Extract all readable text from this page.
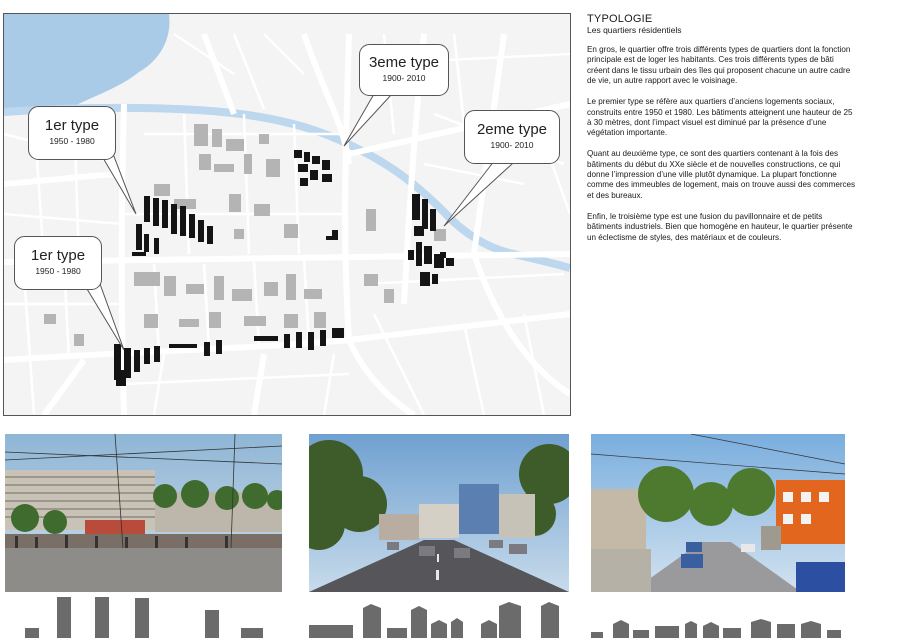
1er type
1950 - 1980
1er type
1950 - 1980
2eme type
1900- 2010
3eme type
1900- 2010
TYPOLOGIE
Les quartiers résidentiels

En gros, le quartier offre trois différents types de quartiers dont la fonction principale est de loger les habitants. Ces trois différents types de bâti créent dans le tissu urbain des îles qui proposent chacune un autre cadre de vie, un autre rapport avec le voisinage.

Le premier type se réfère aux quartiers d’anciens logements sociaux, construits entre 1950 et 1980. Les bâtiments atteignent une hauteur de 25 à 30 mètres, dont l’impact visuel est diminué par la présence d’une végétation importante.

Quant au deuxième type, ce sont des quartiers contenant à la fois des bâtiments du début du XXe siècle et de nouvelles constructions, ce qui donne l’impression d’une ville plutôt dynamique. La plupart fonctionne comme des immeubles de logement, mais on trouve aussi des commerces et des bureaux.

Enfin, le troisième type est une fusion du pavillonnaire et de petits bâtiments industriels. Bien que homogène en hauteur, le quartier présente un éclectisme de styles, des matériaux et de couleurs.
